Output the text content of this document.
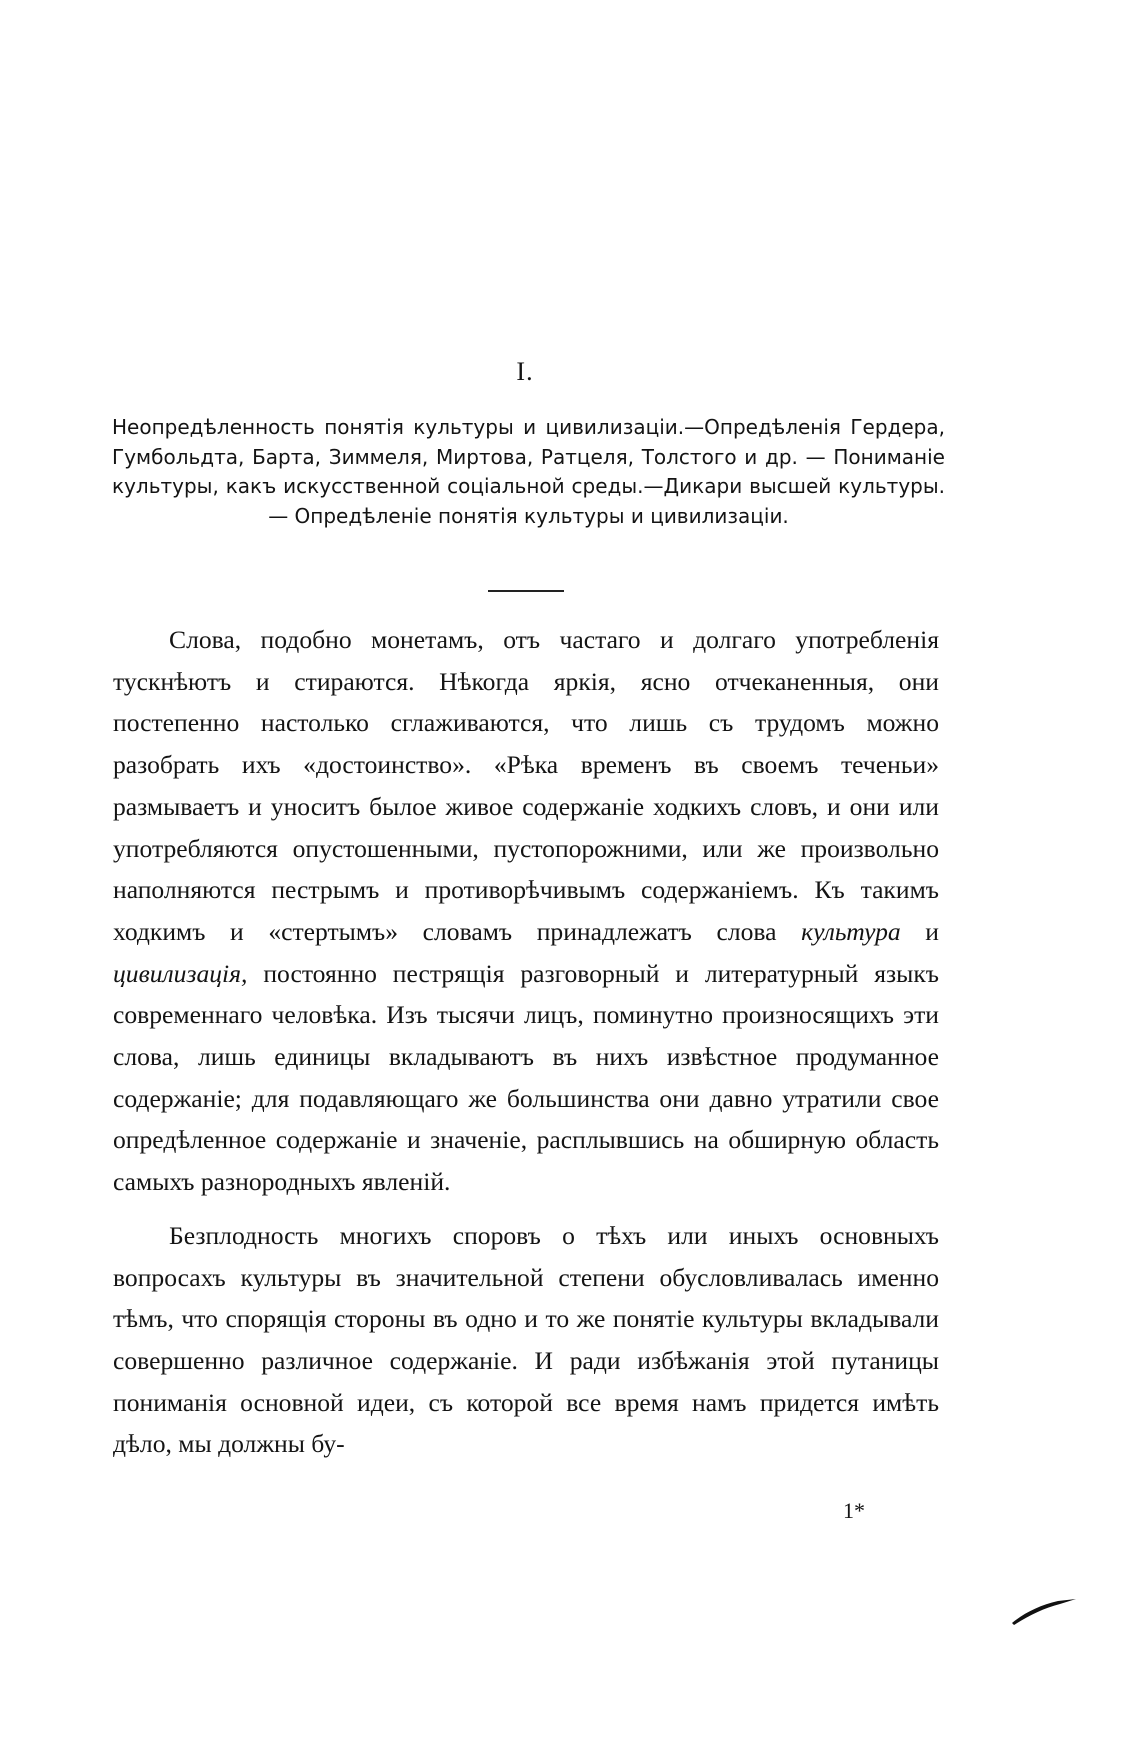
I.
Неопредѣленность понятія культуры и цивилизаціи.—Опредѣленія Гердера, Гумбольдта, Барта, Зиммеля, Миртова, Ратцеля, Толстого и др. — Пониманіе культуры, какъ искусственной соціальной среды.—Дикари высшей культуры.— Опредѣленіе понятія культуры и цивилизаціи.

Слова, подобно монетамъ, отъ частаго и долгаго употребленія тускнѣютъ и стираются. Нѣкогда яркія, ясно отчеканенныя, они постепенно настолько сглаживаются, что лишь съ трудомъ можно разобрать ихъ «достоинство». «Рѣка временъ въ своемъ теченьи» размываетъ и уноситъ былое живое содержаніе ходкихъ словъ, и они или употребляются опустошенными, пустопорожними, или же произвольно наполняются пестрымъ и противорѣчивымъ содержаніемъ. Къ такимъ ходкимъ и «стертымъ» словамъ принадлежатъ слова культура и цивилизація, постоянно пестрящія разговорный и литературный языкъ современнаго человѣка. Изъ тысячи лицъ, поминутно произносящихъ эти слова, лишь единицы вкладываютъ въ нихъ извѣстное продуманное содержаніе; для подавляющаго же большинства они давно утратили свое опредѣленное содержаніе и значеніе, расплывшись на обширную область самыхъ разнородныхъ явленій.

Безплодность многихъ споровъ о тѣхъ или иныхъ основныхъ вопросахъ культуры въ значительной степени обусловливалась именно тѣмъ, что спорящія стороны въ одно и то же понятіе культуры вкладывали совершенно различное содержаніе. И ради избѣжанія этой путаницы пониманія основной идеи, съ которой все время намъ придется имѣть дѣло, мы должны бу-

1*
